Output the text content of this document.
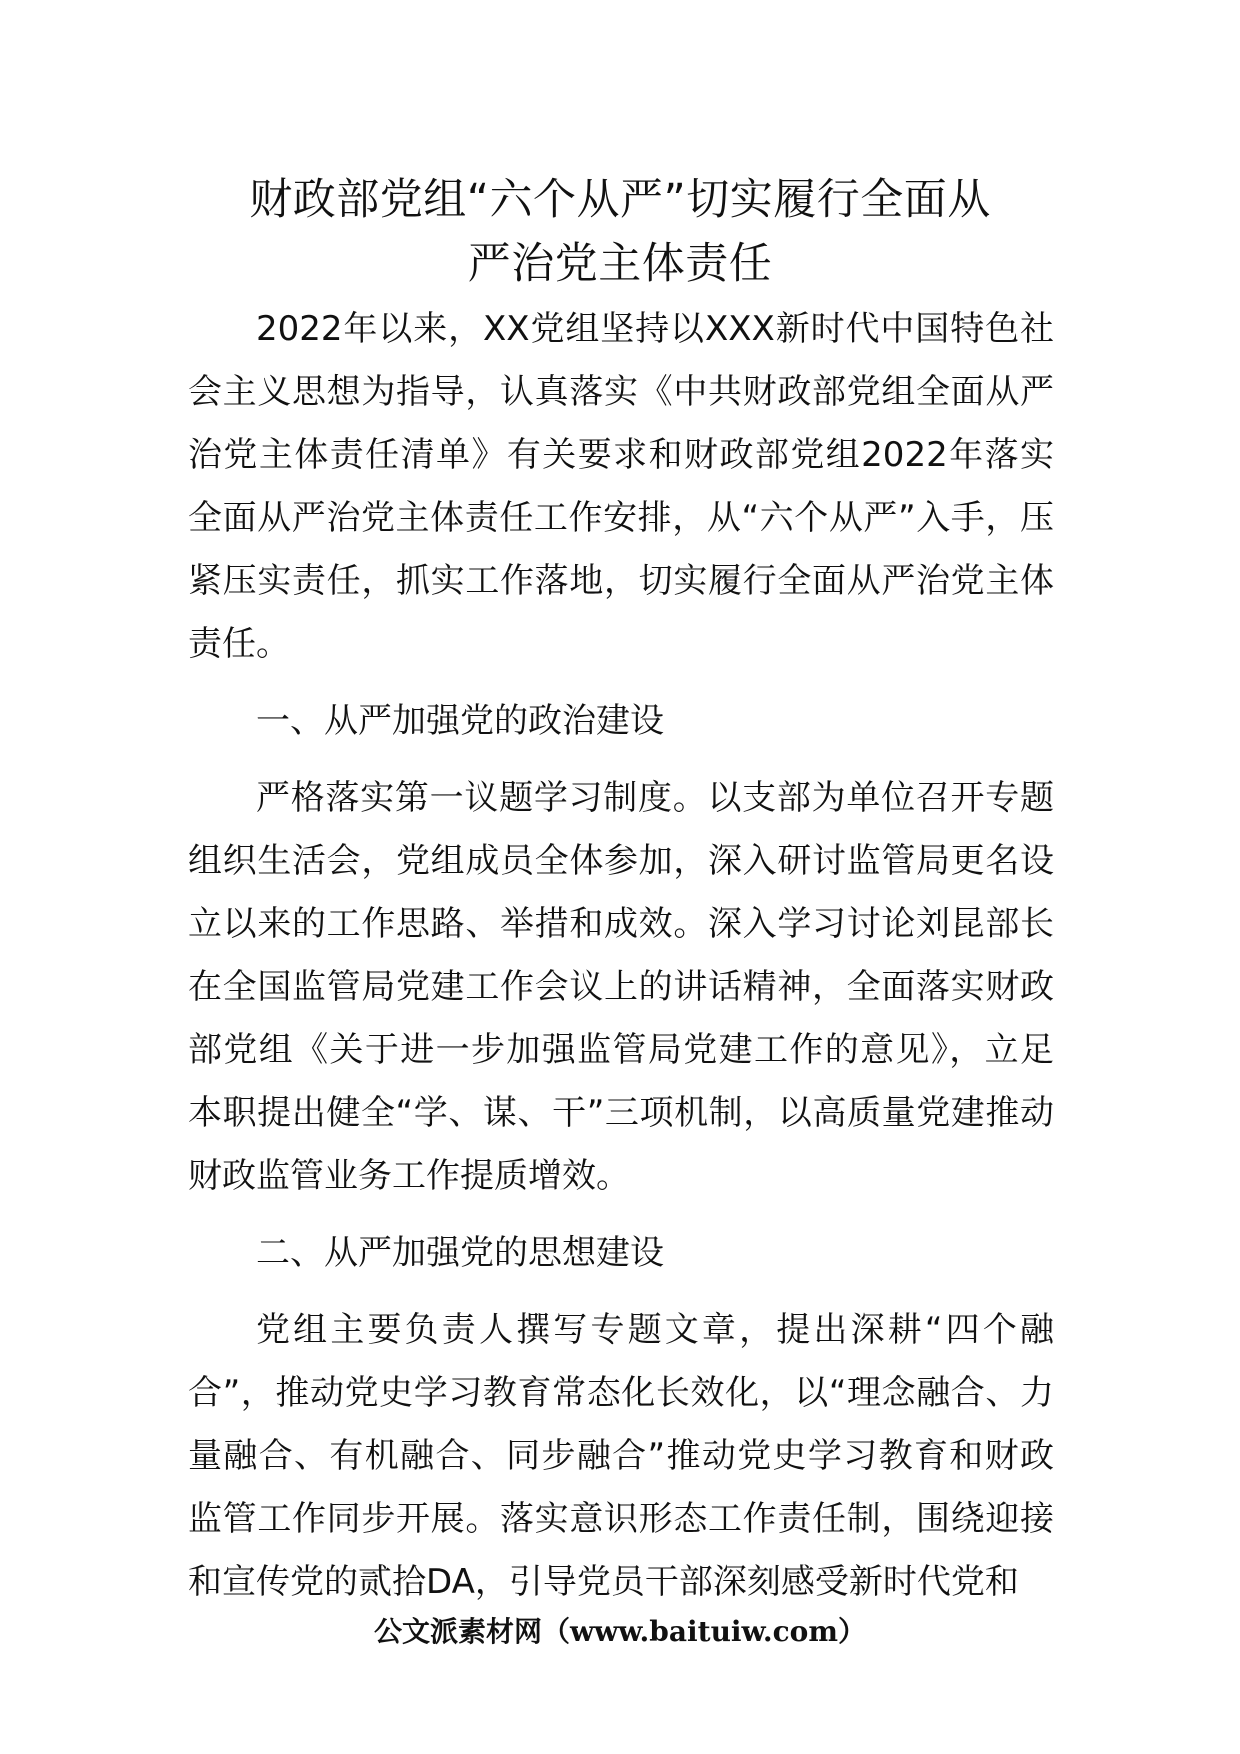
财政部党组“六个从严”切实履行全面从
严治党主体责任

2022年以来，XX党组坚持以XXX新时代中国特色社会主义思想为指导，认真落实《中共财政部党组全面从严治党主体责任清单》有关要求和财政部党组2022年落实全面从严治党主体责任工作安排，从“六个从严”入手，压紧压实责任，抓实工作落地，切实履行全面从严治党主体责任。

一、从严加强党的政治建设

严格落实第一议题学习制度。以支部为单位召开专题组织生活会，党组成员全体参加，深入研讨监管局更名设立以来的工作思路、举措和成效。深入学习讨论刘昆部长在全国监管局党建工作会议上的讲话精神，全面落实财政部党组《关于进一步加强监管局党建工作的意见》，立足本职提出健全“学、谋、干”三项机制，以高质量党建推动财政监管业务工作提质增效。

二、从严加强党的思想建设

党组主要负责人撰写专题文章，提出深耕“四个融合”，推动党史学习教育常态化长效化，以“理念融合、力量融合、有机融合、同步融合”推动党史学习教育和财政监管工作同步开展。落实意识形态工作责任制，围绕迎接和宣传党的贰拾DA，引导党员干部深刻感受新时代党和

公文派素材网（www.baituiw.com）
